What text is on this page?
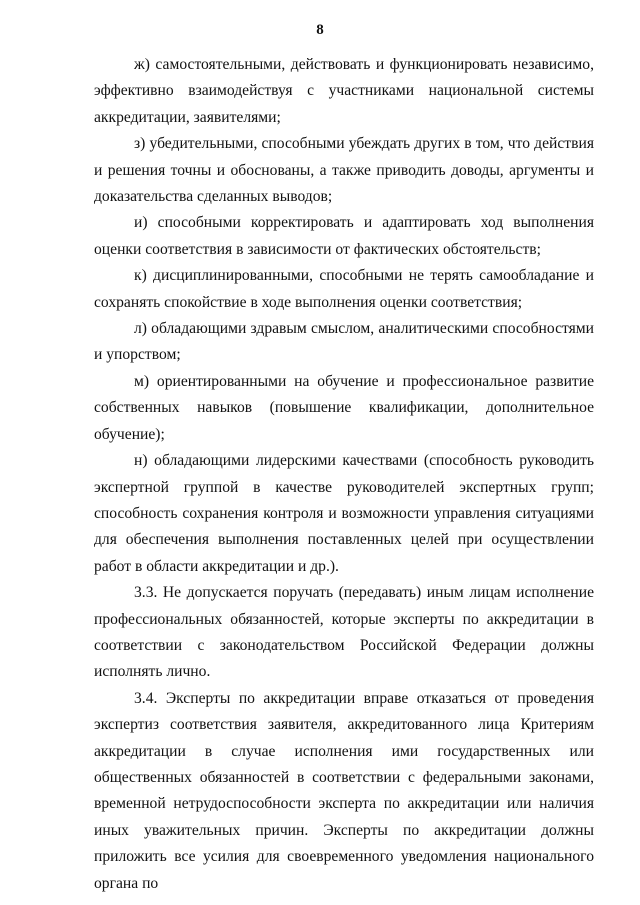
8

ж) самостоятельными, действовать и функционировать независимо, эффективно взаимодействуя с участниками национальной системы аккредитации, заявителями;

з) убедительными, способными убеждать других в том, что действия и решения точны и обоснованы, а также приводить доводы, аргументы и доказательства сделанных выводов;

и) способными корректировать и адаптировать ход выполнения оценки соответствия в зависимости от фактических обстоятельств;

к) дисциплинированными, способными не терять самообладание и сохранять спокойствие в ходе выполнения оценки соответствия;

л) обладающими здравым смыслом, аналитическими способностями и упорством;

м) ориентированными на обучение и профессиональное развитие собственных навыков (повышение квалификации, дополнительное обучение);

н) обладающими лидерскими качествами (способность руководить экспертной группой в качестве руководителей экспертных групп; способность сохранения контроля и возможности управления ситуациями для обеспечения выполнения поставленных целей при осуществлении работ в области аккредитации и др.).

3.3. Не допускается поручать (передавать) иным лицам исполнение профессиональных обязанностей, которые эксперты по аккредитации в соответствии с законодательством Российской Федерации должны исполнять лично.

3.4. Эксперты по аккредитации вправе отказаться от проведения экспертиз соответствия заявителя, аккредитованного лица Критериям аккредитации в случае исполнения ими государственных или общественных обязанностей в соответствии с федеральными законами, временной нетрудоспособности эксперта по аккредитации или наличия иных уважительных причин. Эксперты по аккредитации должны приложить все усилия для своевременного уведомления национального органа по
